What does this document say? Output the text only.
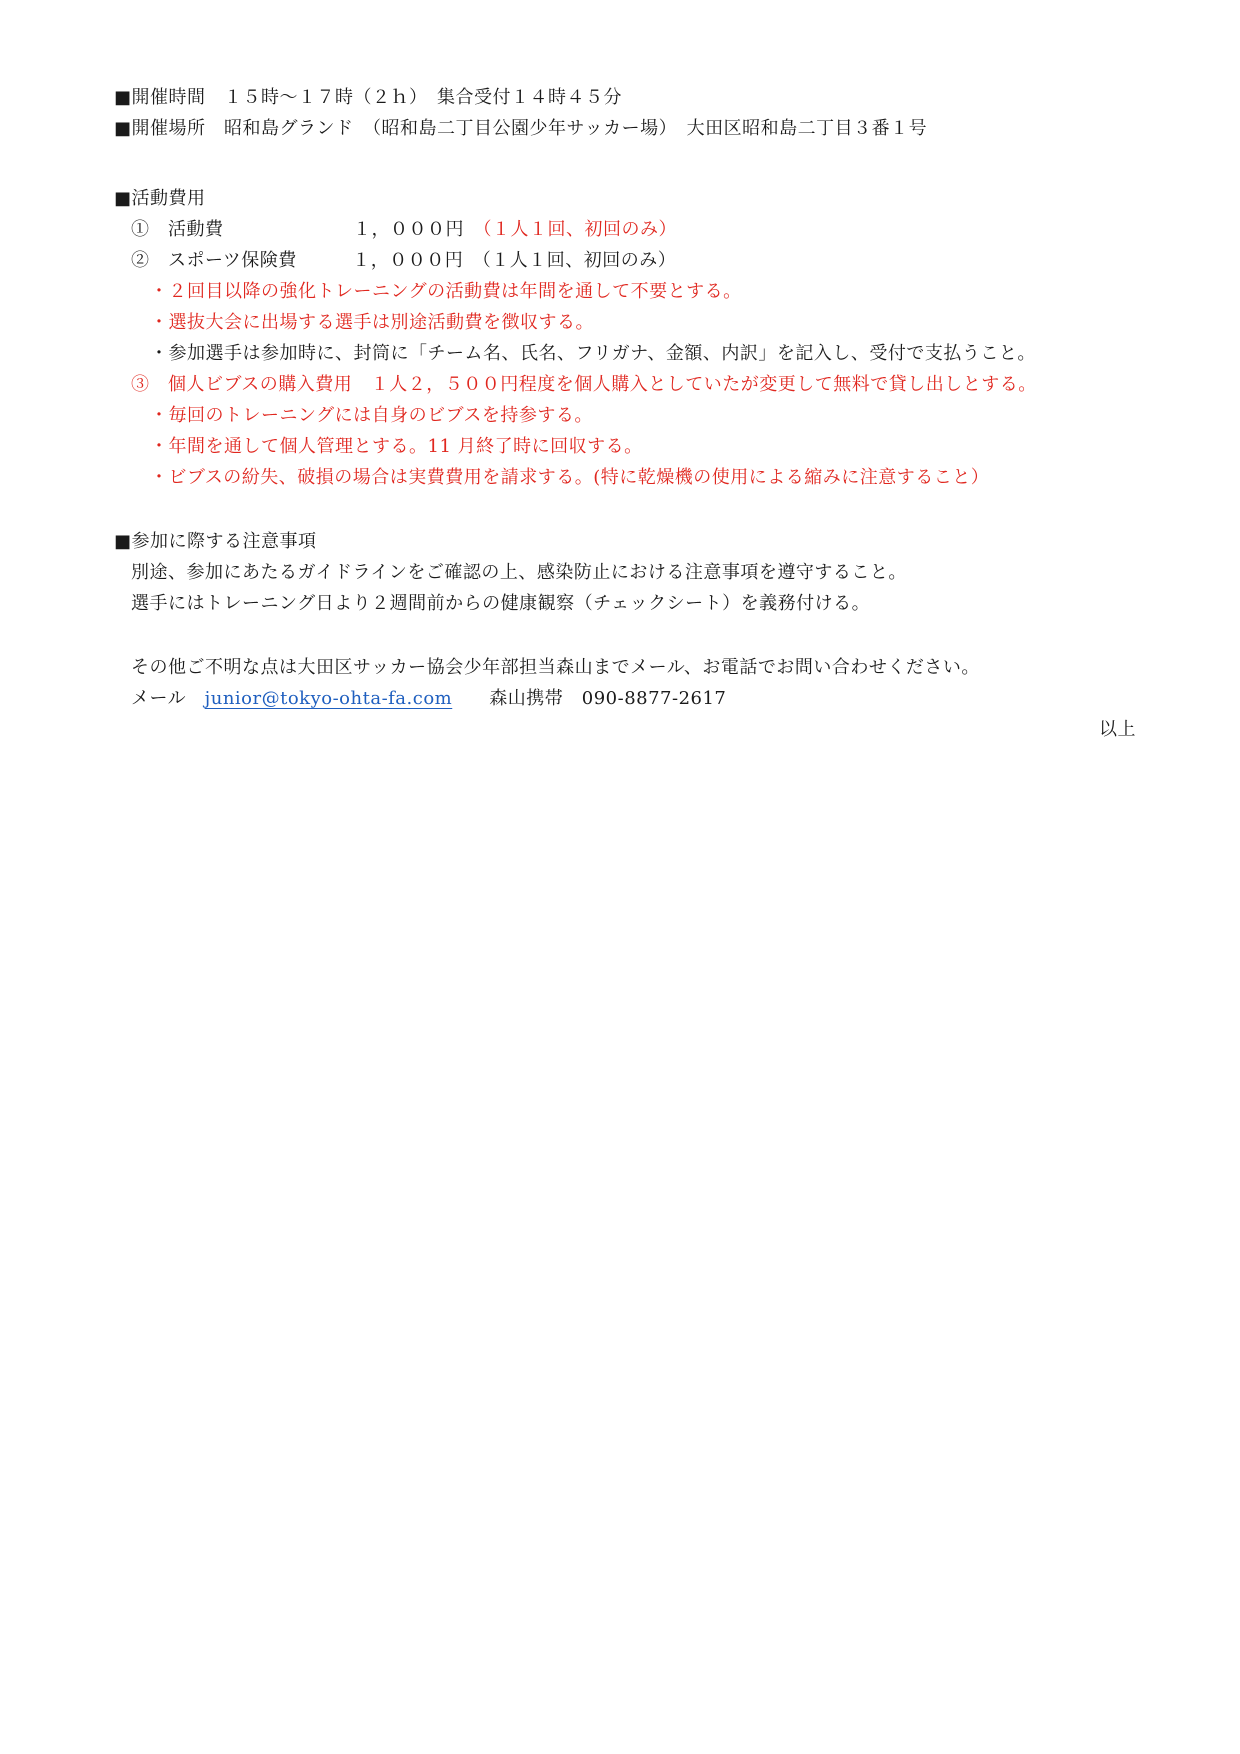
■開催時間　１５時～１７時（２ｈ）　集合受付１４時４５分
■開催場所　昭和島グランド　（昭和島二丁目公園少年サッカー場）　大田区昭和島二丁目３番１号
■活動費用
①　活動費　　　　　　　１，０００円　（１人１回、初回のみ）
②　スポーツ保険費　　　１，０００円　（１人１回、初回のみ）
・２回目以降の強化トレーニングの活動費は年間を通して不要とする。
・選抜大会に出場する選手は別途活動費を徴収する。
・参加選手は参加時に、封筒に「チーム名、氏名、フリガナ、金額、内訳」を記入し、受付で支払うこと。
③　個人ビブスの購入費用　１人２，５００円程度を個人購入としていたが変更して無料で貸し出しとする。
・毎回のトレーニングには自身のビブスを持参する。
・年間を通して個人管理とする。11 月終了時に回収する。
・ビブスの紛失、破損の場合は実費費用を請求する。(特に乾燥機の使用による縮みに注意すること）
■参加に際する注意事項
別途、参加にあたるガイドラインをご確認の上、感染防止における注意事項を遵守すること。
選手にはトレーニング日より２週間前からの健康観察（チェックシート）を義務付ける。
その他ご不明な点は大田区サッカー協会少年部担当森山までメール、お電話でお問い合わせください。
メール　junior@tokyo-ohta-fa.com　　森山携帯　090-8877-2617
以上
